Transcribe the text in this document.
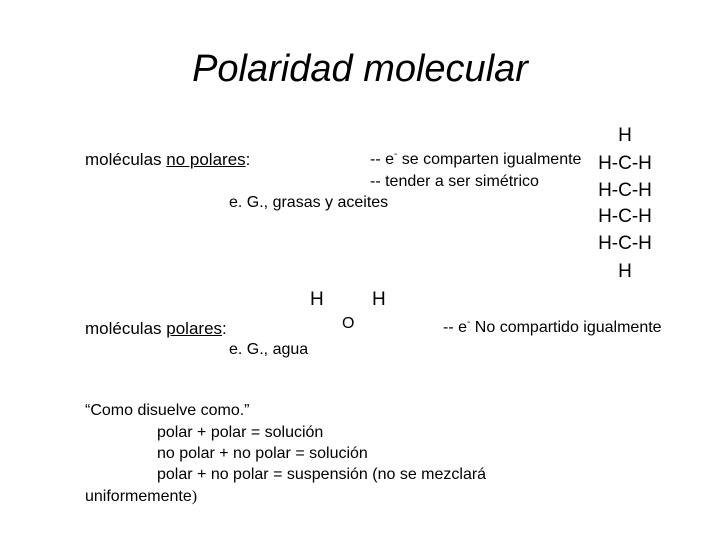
Polaridad molecular
moléculas no polares:	-- e- se comparten igualmente
-- tender a ser simétrico
e. G., grasas y aceites
H
H-C-H
H-C-H
H-C-H
H-C-H
H
H	H
O
moléculas polares:
e. G., agua
-- e- No compartido igualmente
“Como disuelve como.”
polar + polar = solución
no polar + no polar = solución
polar + no polar = suspensión (no se mezclará
uniformemente)
